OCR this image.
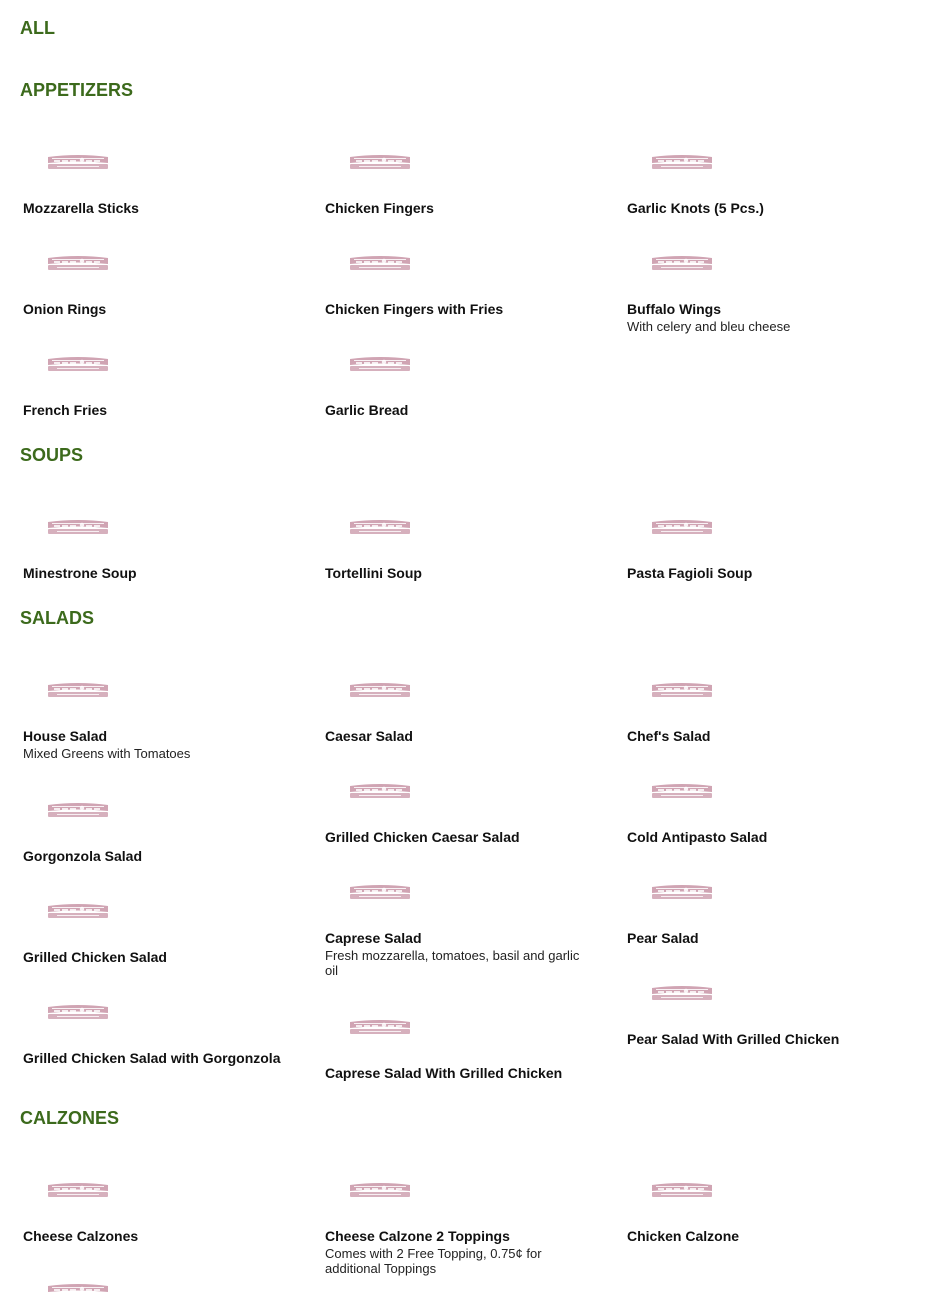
ALL
APPETIZERS
SOUPS
SALADS
CALZONES
Mozzarella Sticks	Chicken Fingers	Garlic Knots (5 Pcs.)
Onion Rings	Chicken Fingers with Fries	Buffalo Wings
With celery and bleu cheese
French Fries	Garlic Bread
Minestrone Soup	Tortellini Soup	Pasta Fagioli Soup
House Salad
Mixed Greens with Tomatoes
Caesar Salad	Chef's Salad
Gorgonzola Salad
Grilled Chicken Caesar Salad	Cold Antipasto Salad
Grilled Chicken Salad
Caprese Salad
Fresh mozzarella, tomatoes, basil and garlic oil
Pear Salad
Grilled Chicken Salad with Gorgonzola
Caprese Salad With Grilled Chicken
Pear Salad With Grilled Chicken
Cheese Calzones	Cheese Calzone 2 Toppings
Comes with 2 Free Topping, 0.75¢ for additional Toppings
Chicken Calzone
